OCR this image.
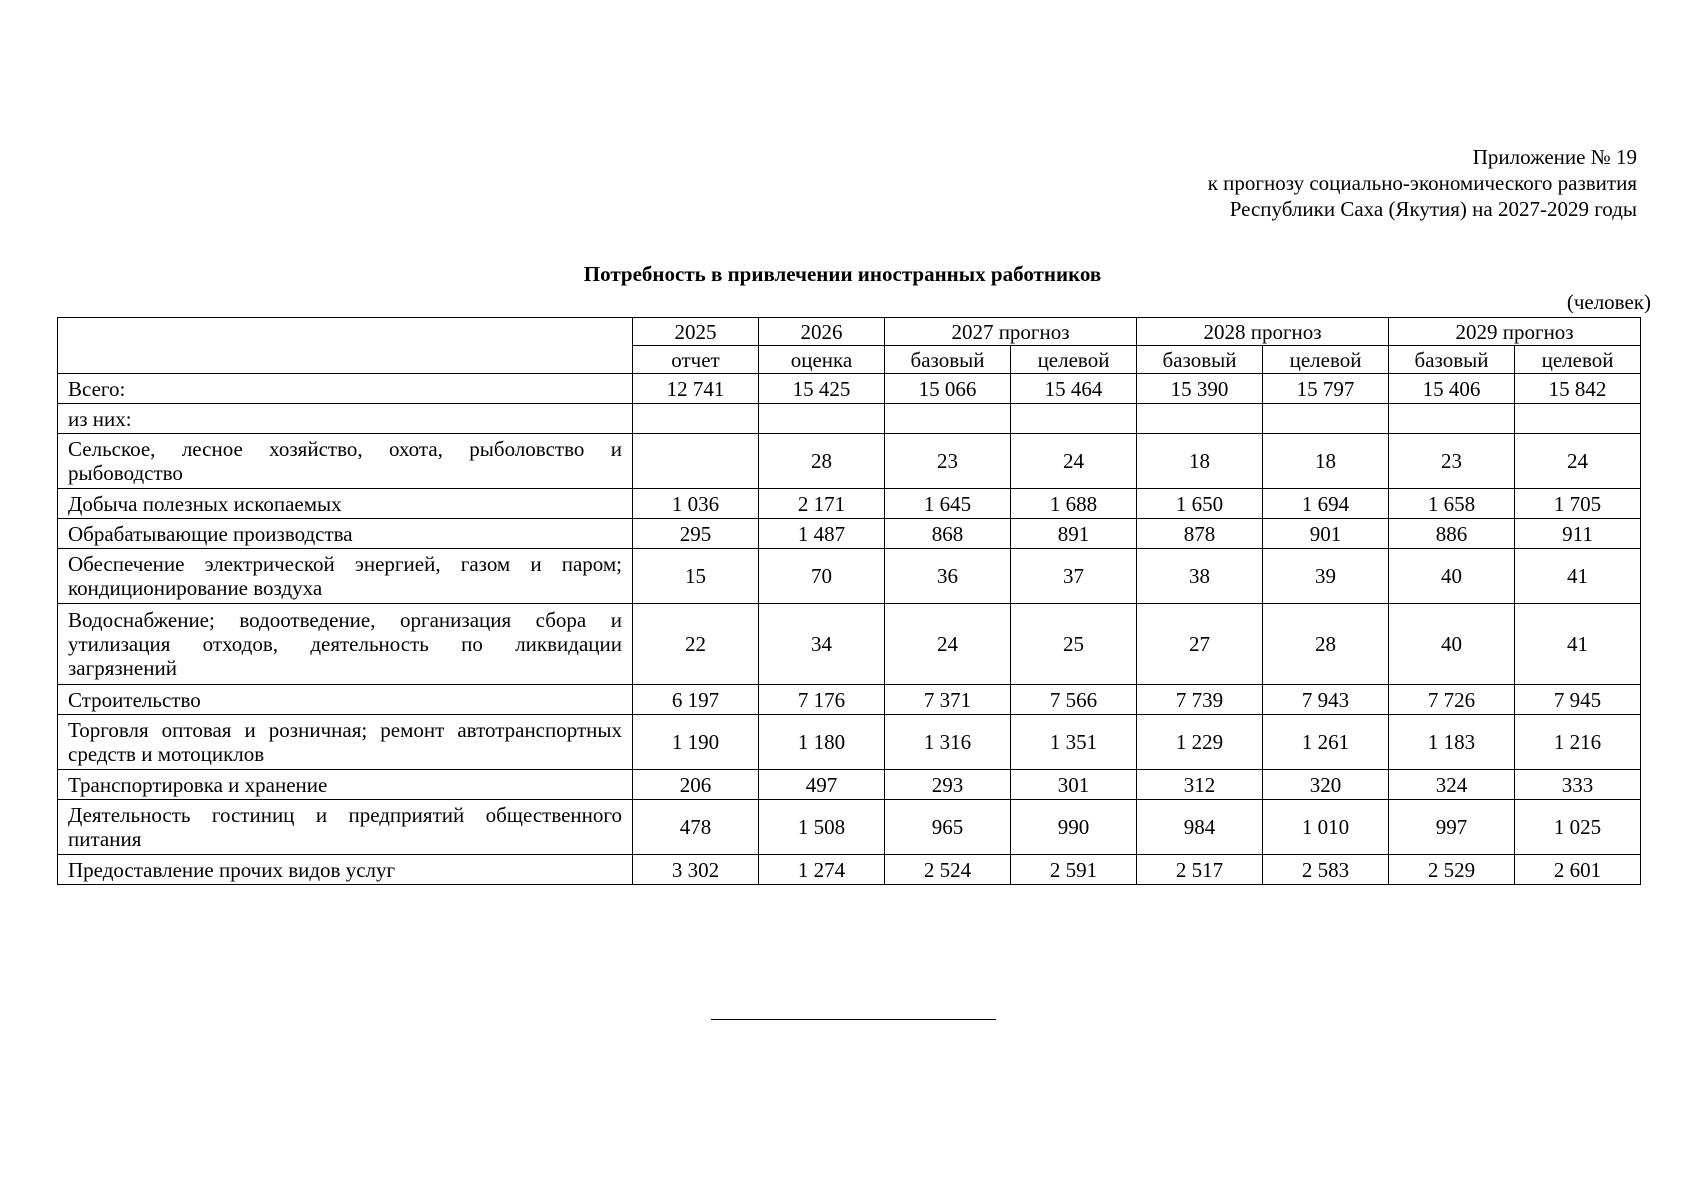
Приложение № 19
к прогнозу социально-экономического развития
Республики Саха (Якутия) на 2027-2029 годы
Потребность в привлечении иностранных работников
(человек)
	2025	2026	2027 прогноз		2028 прогноз		2029 прогноз	
	отчет	оценка	базовый	целевой	базовый	целевой	базовый	целевой
Всего:	12 741	15 425	15 066	15 464	15 390	15 797	15 406	15 842
из них:								
Сельское, лесное хозяйство, охота, рыболовство и рыбоводство		28	23	24	18	18	23	24
Добыча полезных ископаемых	1 036	2 171	1 645	1 688	1 650	1 694	1 658	1 705
Обрабатывающие производства	295	1 487	868	891	878	901	886	911
Обеспечение электрической энергией, газом и паром; кондиционирование воздуха	15	70	36	37	38	39	40	41
Водоснабжение; водоотведение, организация сбора и утилизация отходов, деятельность по ликвидации загрязнений	22	34	24	25	27	28	40	41
Строительство	6 197	7 176	7 371	7 566	7 739	7 943	7 726	7 945
Торговля оптовая и розничная; ремонт автотранспортных средств и мотоциклов	1 190	1 180	1 316	1 351	1 229	1 261	1 183	1 216
Транспортировка и хранение	206	497	293	301	312	320	324	333
Деятельность гостиниц и предприятий общественного питания	478	1 508	965	990	984	1 010	997	1 025
Предоставление прочих видов услуг	3 302	1 274	2 524	2 591	2 517	2 583	2 529	2 601
